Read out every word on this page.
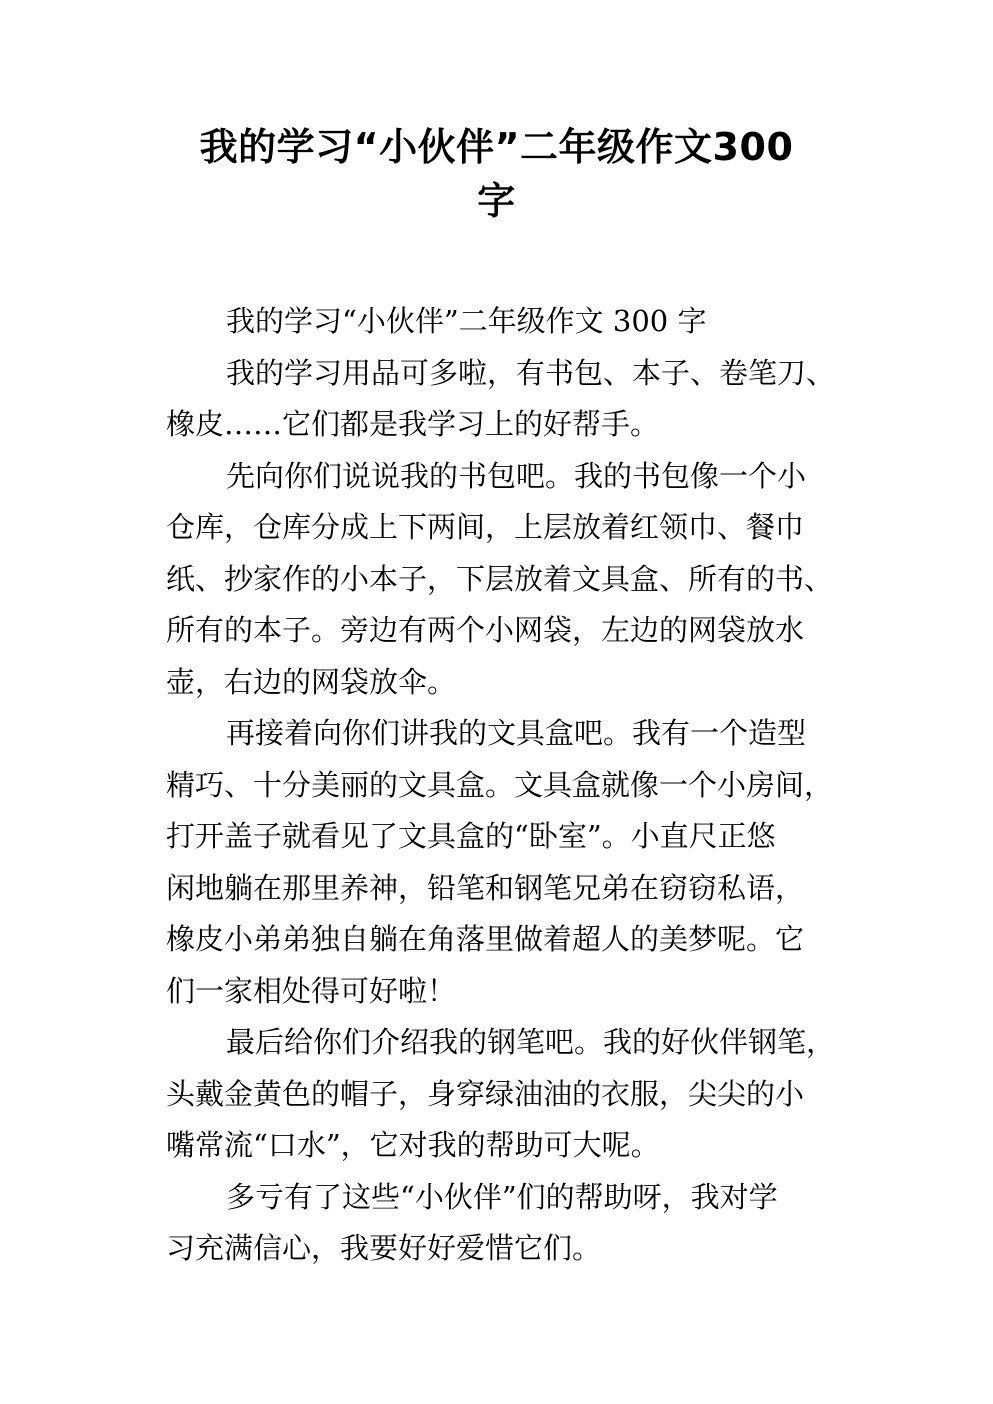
我的学习“小伙伴”二年级作文300
字

我的学习“小伙伴”二年级作文 300 字

我的学习用品可多啦，有书包、本子、卷笔刀、
橡皮……它们都是我学习上的好帮手。

先向你们说说我的书包吧。我的书包像一个小
仓库，仓库分成上下两间，上层放着红领巾、餐巾
纸、抄家作的小本子，下层放着文具盒、所有的书、
所有的本子。旁边有两个小网袋，左边的网袋放水
壶，右边的网袋放伞。

再接着向你们讲我的文具盒吧。我有一个造型
精巧、十分美丽的文具盒。文具盒就像一个小房间，
打开盖子就看见了文具盒的“卧室”。小直尺正悠
闲地躺在那里养神，铅笔和钢笔兄弟在窃窃私语，
橡皮小弟弟独自躺在角落里做着超人的美梦呢。它
们一家相处得可好啦！

最后给你们介绍我的钢笔吧。我的好伙伴钢笔，
头戴金黄色的帽子，身穿绿油油的衣服，尖尖的小
嘴常流“口水”，它对我的帮助可大呢。

多亏有了这些“小伙伴”们的帮助呀，我对学
习充满信心，我要好好爱惜它们。
